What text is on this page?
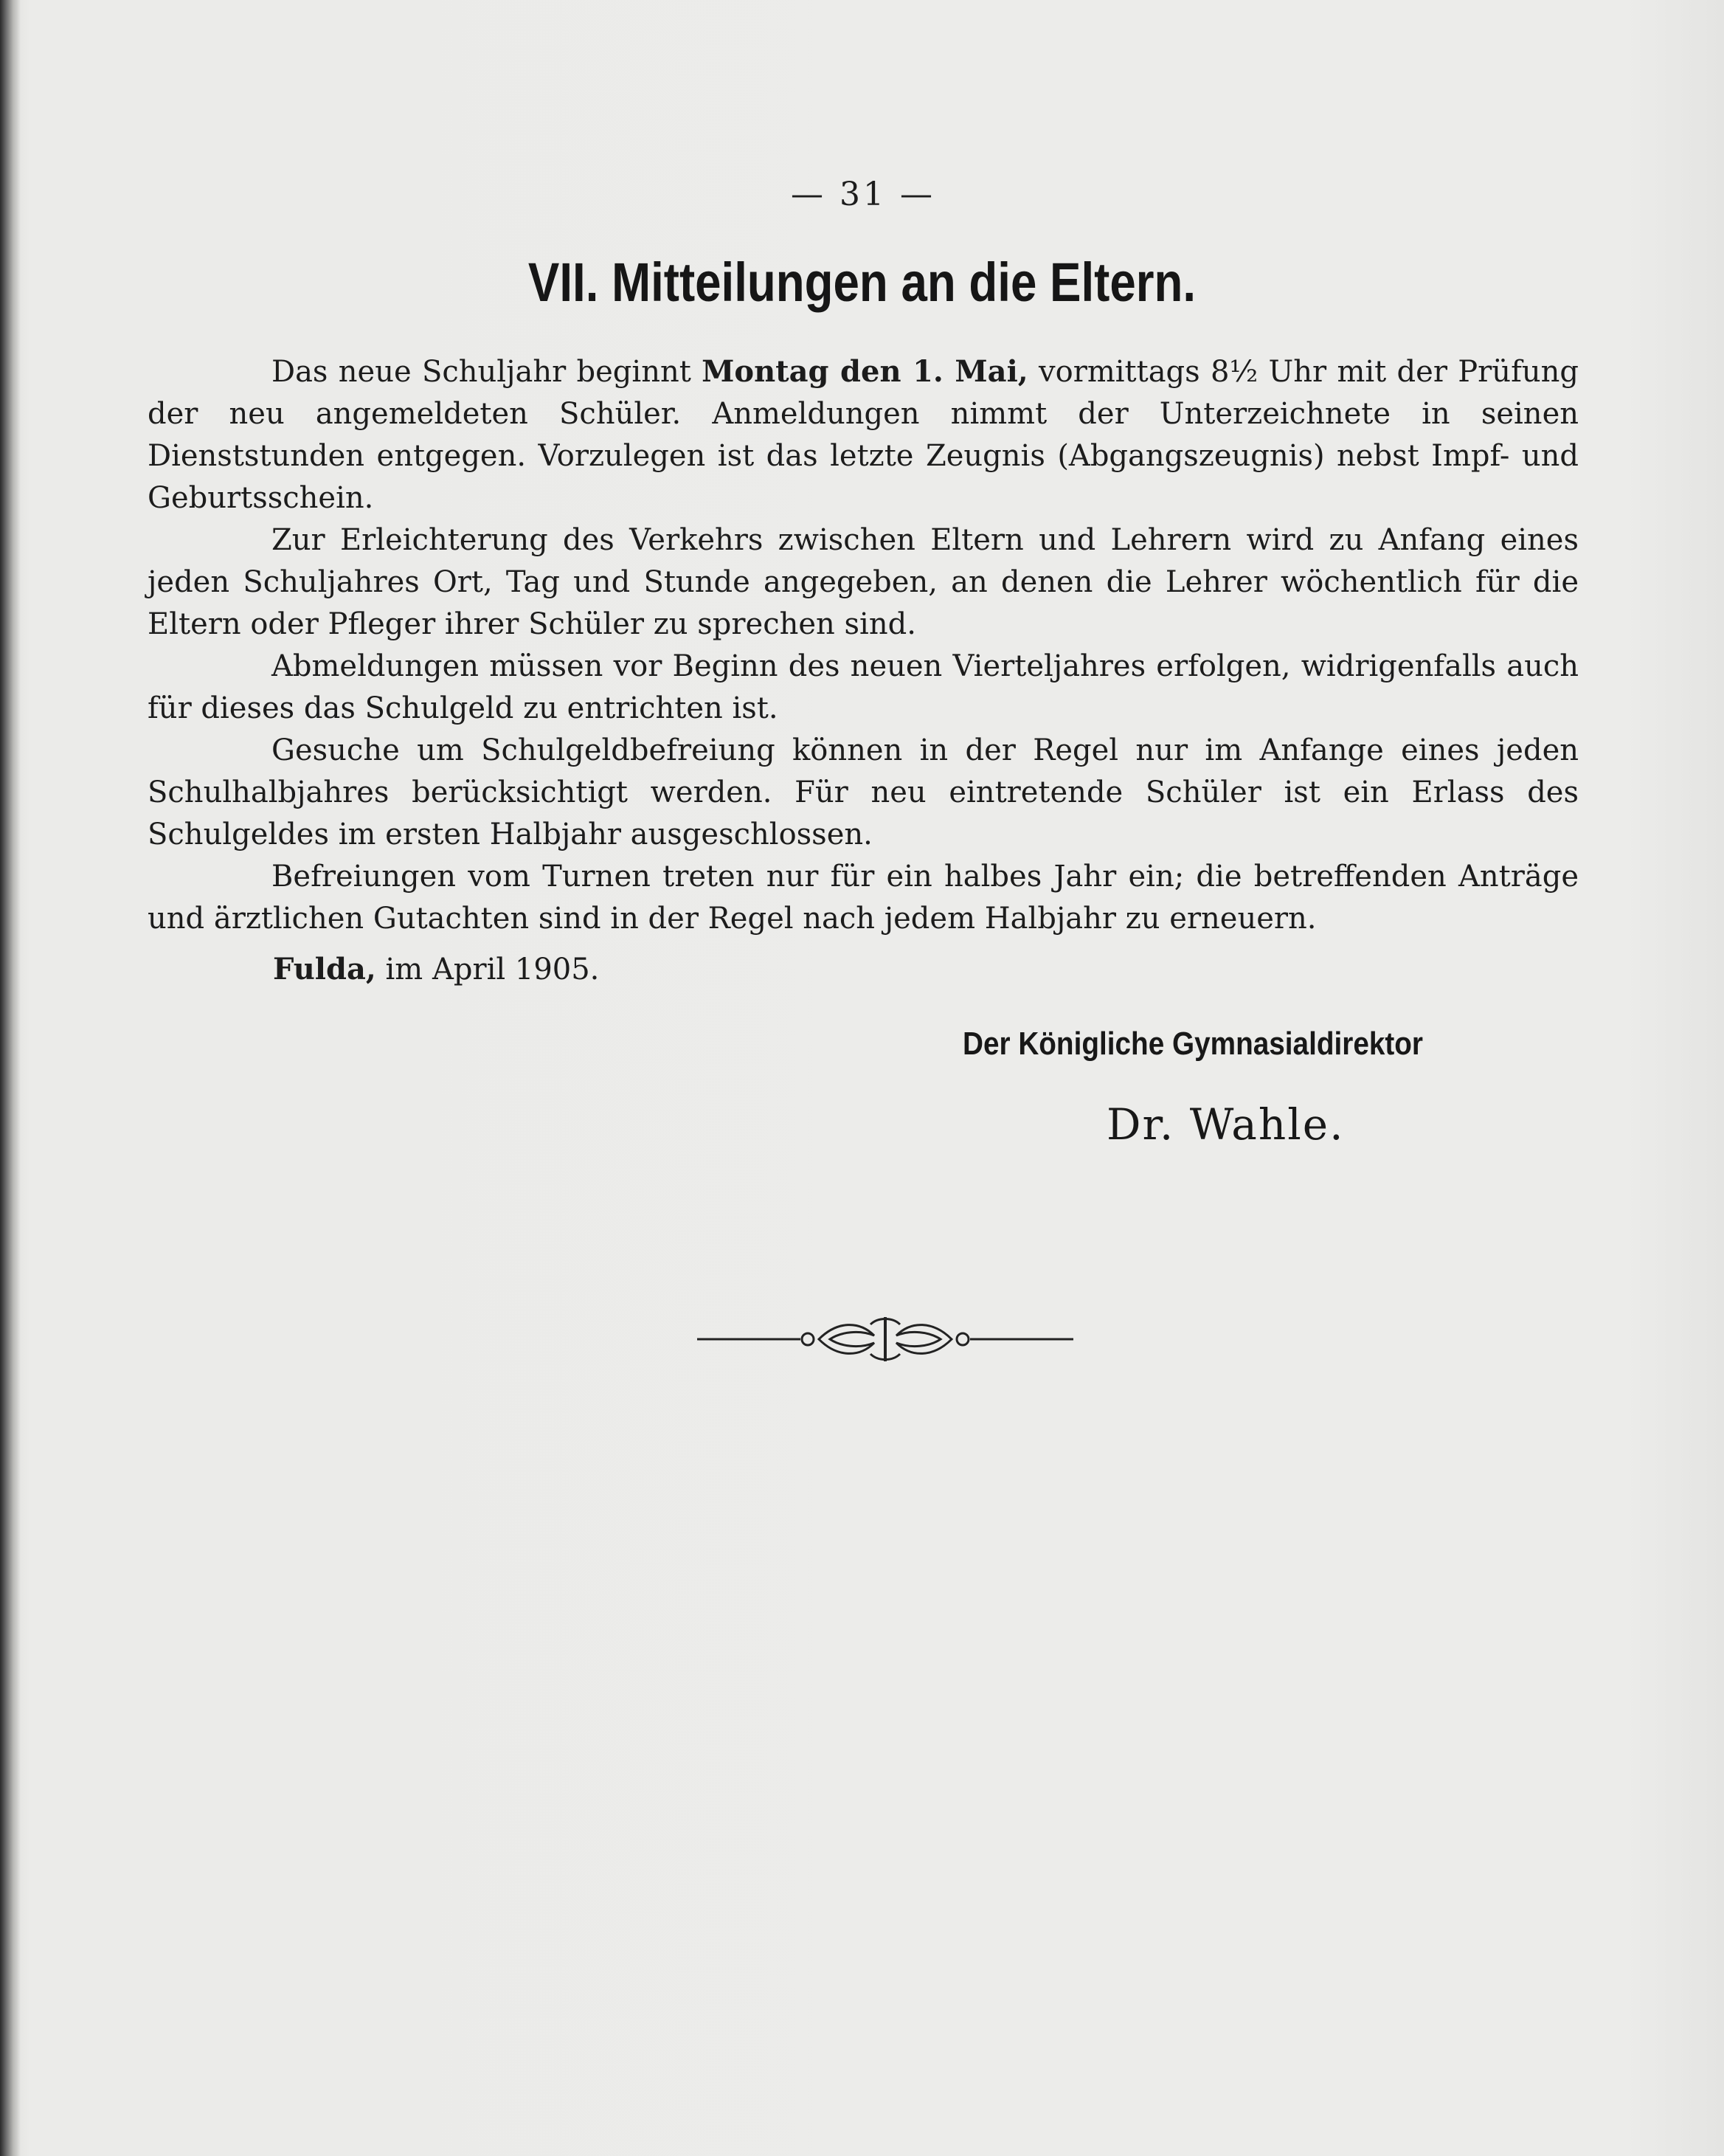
— 31 —
VII. Mitteilungen an die Eltern.

Das neue Schuljahr beginnt Montag den 1. Mai, vormittags 8½ Uhr mit der Prüfung der neu angemeldeten Schüler. Anmeldungen nimmt der Unterzeichnete in seinen Dienststunden entgegen. Vorzulegen ist das letzte Zeugnis (Abgangszeugnis) nebst Impf- und Geburtsschein.

Zur Erleichterung des Verkehrs zwischen Eltern und Lehrern wird zu Anfang eines jeden Schuljahres Ort, Tag und Stunde angegeben, an denen die Lehrer wöchentlich für die Eltern oder Pfleger ihrer Schüler zu sprechen sind.

Abmeldungen müssen vor Beginn des neuen Vierteljahres erfolgen, widrigenfalls auch für dieses das Schulgeld zu entrichten ist.

Gesuche um Schulgeldbefreiung können in der Regel nur im Anfange eines jeden Schulhalbjahres berücksichtigt werden. Für neu eintretende Schüler ist ein Erlass des Schulgeldes im ersten Halbjahr ausgeschlossen.

Befreiungen vom Turnen treten nur für ein halbes Jahr ein; die betreffenden Anträge und ärztlichen Gutachten sind in der Regel nach jedem Halbjahr zu erneuern.

Fulda, im April 1905.
Der Königliche Gymnasialdirektor
Dr. Wahle.
